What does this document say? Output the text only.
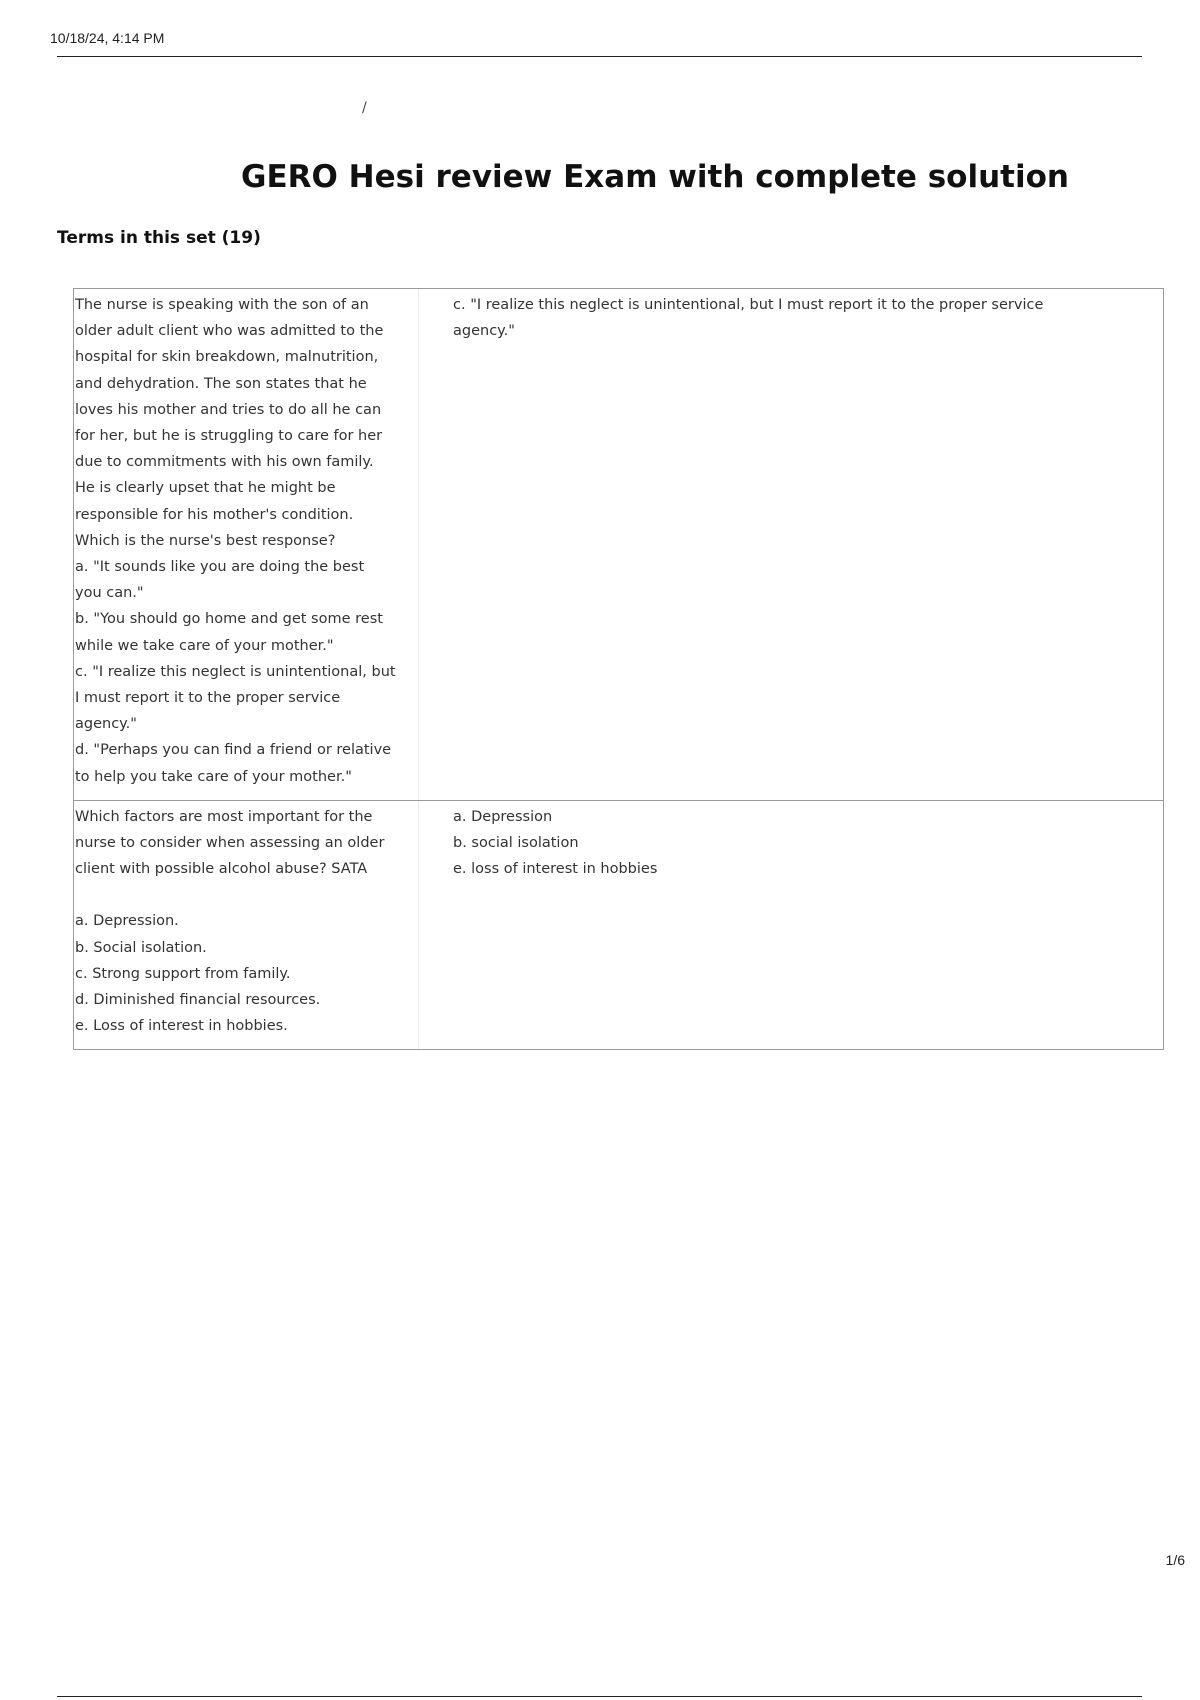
10/18/24, 4:14 PM
/
GERO Hesi review Exam with complete solution
Terms in this set (19)
The nurse is speaking with the son of an
older adult client who was admitted to the
hospital for skin breakdown, malnutrition,
and dehydration. The son states that he
loves his mother and tries to do all he can
for her, but he is struggling to care for her
due to commitments with his own family.
He is clearly upset that he might be
responsible for his mother's condition.
Which is the nurse's best response?
a. "It sounds like you are doing the best
you can."
b. "You should go home and get some rest
while we take care of your mother."
c. "I realize this neglect is unintentional, but
I must report it to the proper service
agency."
d. "Perhaps you can find a friend or relative
to help you take care of your mother."
c. "I realize this neglect is unintentional, but I must report it to the proper service
agency."
Which factors are most important for the
nurse to consider when assessing an older
client with possible alcohol abuse? SATA
a. Depression.
b. Social isolation.
c. Strong support from family.
d. Diminished financial resources.
e. Loss of interest in hobbies.
a. Depression
b. social isolation
e. loss of interest in hobbies
1/6
